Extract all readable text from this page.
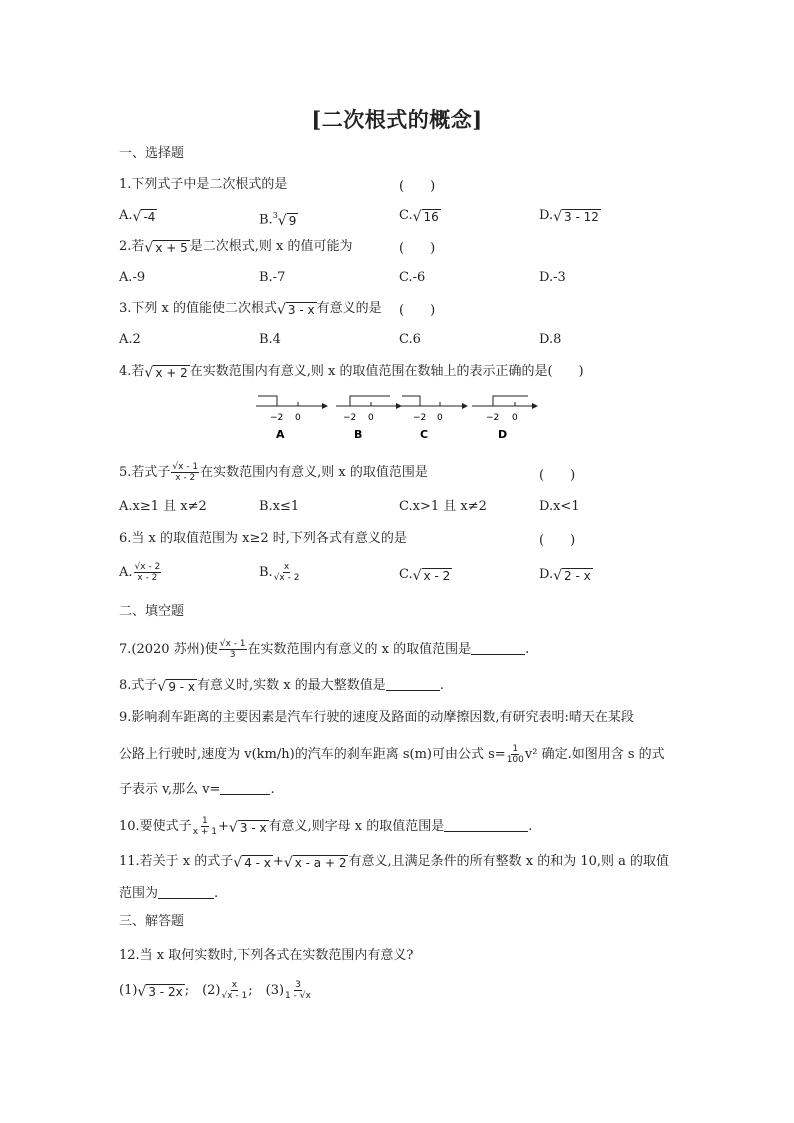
[二次根式的概念]
一、选择题
1.下列式子中是二次根式的是	(　　)
A. √ -4	B.$^3$ √ 9	C. √ 16	D. √ 3 - 12
2.若 √ x + 5 是二次根式,则 x 的值可能为	(　　)
A.-9	B.-7	C.-6	D.-3
3.下列 x 的值能使二次根式 √ 3 - x 有意义的是 (　　)
A.2	B.4	C.6	D.8
4.若 √ x + 2 在实数范围内有意义,则 x 的取值范围在数轴上的表示正确的是(　　)
−2 0
A
−2 0
B
−2 0
C
−2 0
D
5.若式子 $\frac{√x - 1}{x - 2}$ 在实数范围内有意义,则 x 的取值范围是	(　　)
A.x≥1 且 x≠2	B.x≤1	C.x>1 且 x≠2	D.x<1
6.当 x 的取值范围为 x≥2 时,下列各式有意义的是	(　　)
A. $\frac{√x - 2}{x - 2}$	B. $\frac{x}{√x - 2}$	C. √ x - 2	D. √ 2 - x
二、填空题
7.(2020 苏州)使 $\frac{√x - 1}{3}$ 在实数范围内有意义的 x 的取值范围是	.
8.式子 √ 9 - x 有意义时,实数 x 的最大整数值是	.
9.影响刹车距离的主要因素是汽车行驶的速度及路面的动摩擦因数,有研究表明:晴天在某段
公路上行驶时,速度为 v(km/h)的汽车的刹车距离 s(m)可由公式 $s= \frac{1}{100} v^2$ 确定.如图用含 s 的式
子表示 v,那么 v=	.
10.要使式子 $\frac{1}{x + 1}$ + √ 3 - x 有意义,则字母 x 的取值范围是	.
11.若关于 x 的式子 √ 4 - x + √ x - a + 2 有意义,且满足条件的所有整数 x 的和为 10,则 a 的取值
范围为	.
三、解答题
12.当 x 取何实数时,下列各式在实数范围内有意义?
(1) √ 3 - 2x ;　$(2) \frac{x}{√x - 1}$ ;　$(3) \frac{3}{1 - √x}$
